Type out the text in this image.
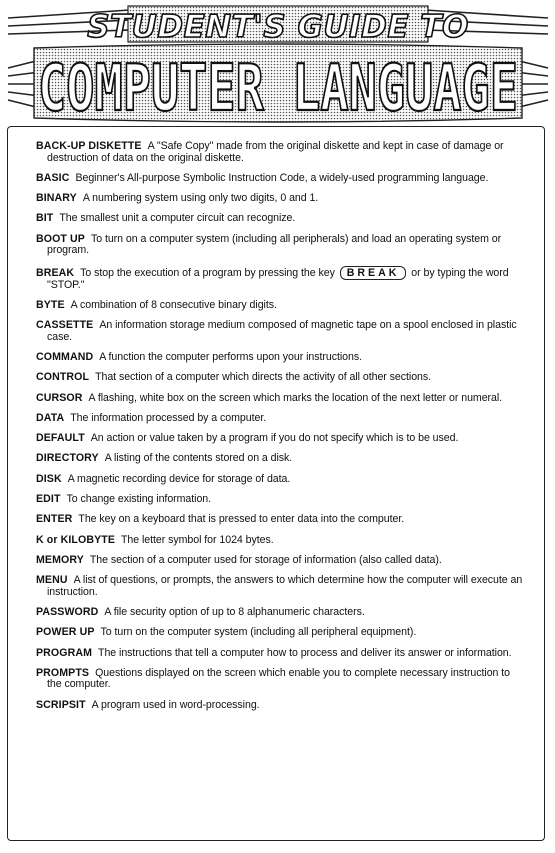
STUDENT'S GUIDE TO
COMPUTER LANGUAGE
BACK-UP DISKETTE A "Safe Copy" made from the original diskette and kept in case of damage or destruction of data on the original diskette.
BASIC Beginner's All-purpose Symbolic Instruction Code, a widely-used programming language.
BINARY A numbering system using only two digits, 0 and 1.
BIT The smallest unit a computer circuit can recognize.
BOOT UP To turn on a computer system (including all peripherals) and load an operating system or program.
BREAK To stop the execution of a program by pressing the key BREAK or by typing the word "STOP."
BYTE A combination of 8 consecutive binary digits.
CASSETTE An information storage medium composed of magnetic tape on a spool enclosed in plastic case.
COMMAND A function the computer performs upon your instructions.
CONTROL That section of a computer which directs the activity of all other sections.
CURSOR A flashing, white box on the screen which marks the location of the next letter or numeral.
DATA The information processed by a computer.
DEFAULT An action or value taken by a program if you do not specify which is to be used.
DIRECTORY A listing of the contents stored on a disk.
DISK A magnetic recording device for storage of data.
EDIT To change existing information.
ENTER The key on a keyboard that is pressed to enter data into the computer.
K or KILOBYTE The letter symbol for 1024 bytes.
MEMORY The section of a computer used for storage of information (also called data).
MENU A list of questions, or prompts, the answers to which determine how the computer will execute an instruction.
PASSWORD A file security option of up to 8 alphanumeric characters.
POWER UP To turn on the computer system (including all peripheral equipment).
PROGRAM The instructions that tell a computer how to process and deliver its answer or information.
PROMPTS Questions displayed on the screen which enable you to complete necessary instruction to the computer.
SCRIPSIT A program used in word-processing.
